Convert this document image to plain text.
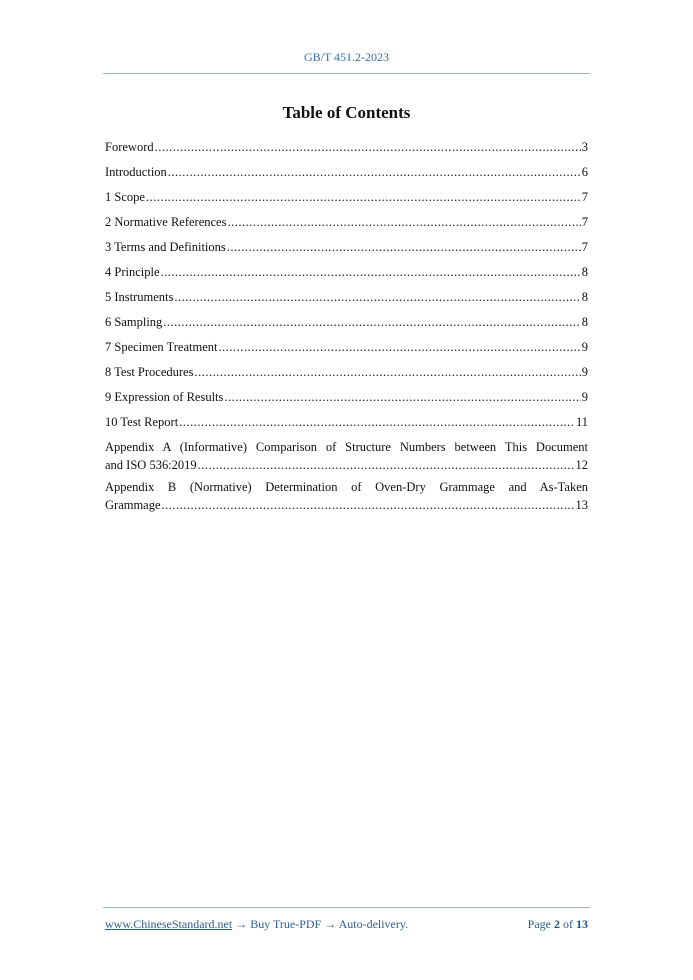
GB/T 451.2-2023
Table of Contents
Foreword .....	3
Introduction .....	6
1 Scope .....	7
2 Normative References .....	7
3 Terms and Definitions .....	7
4 Principle .....	8
5 Instruments .....	8
6 Sampling .....	8
7 Specimen Treatment .....	9
8 Test Procedures .....	9
9 Expression of Results .....	9
10 Test Report .....	11
Appendix A (Informative) Comparison of Structure Numbers between This Document
and ISO 536:2019 .....	12
Appendix B (Normative) Determination of Oven-Dry Grammage and As-Taken
Grammage .....	13
www.ChineseStandard.net → Buy True-PDF → Auto-delivery.	Page 2 of 13
